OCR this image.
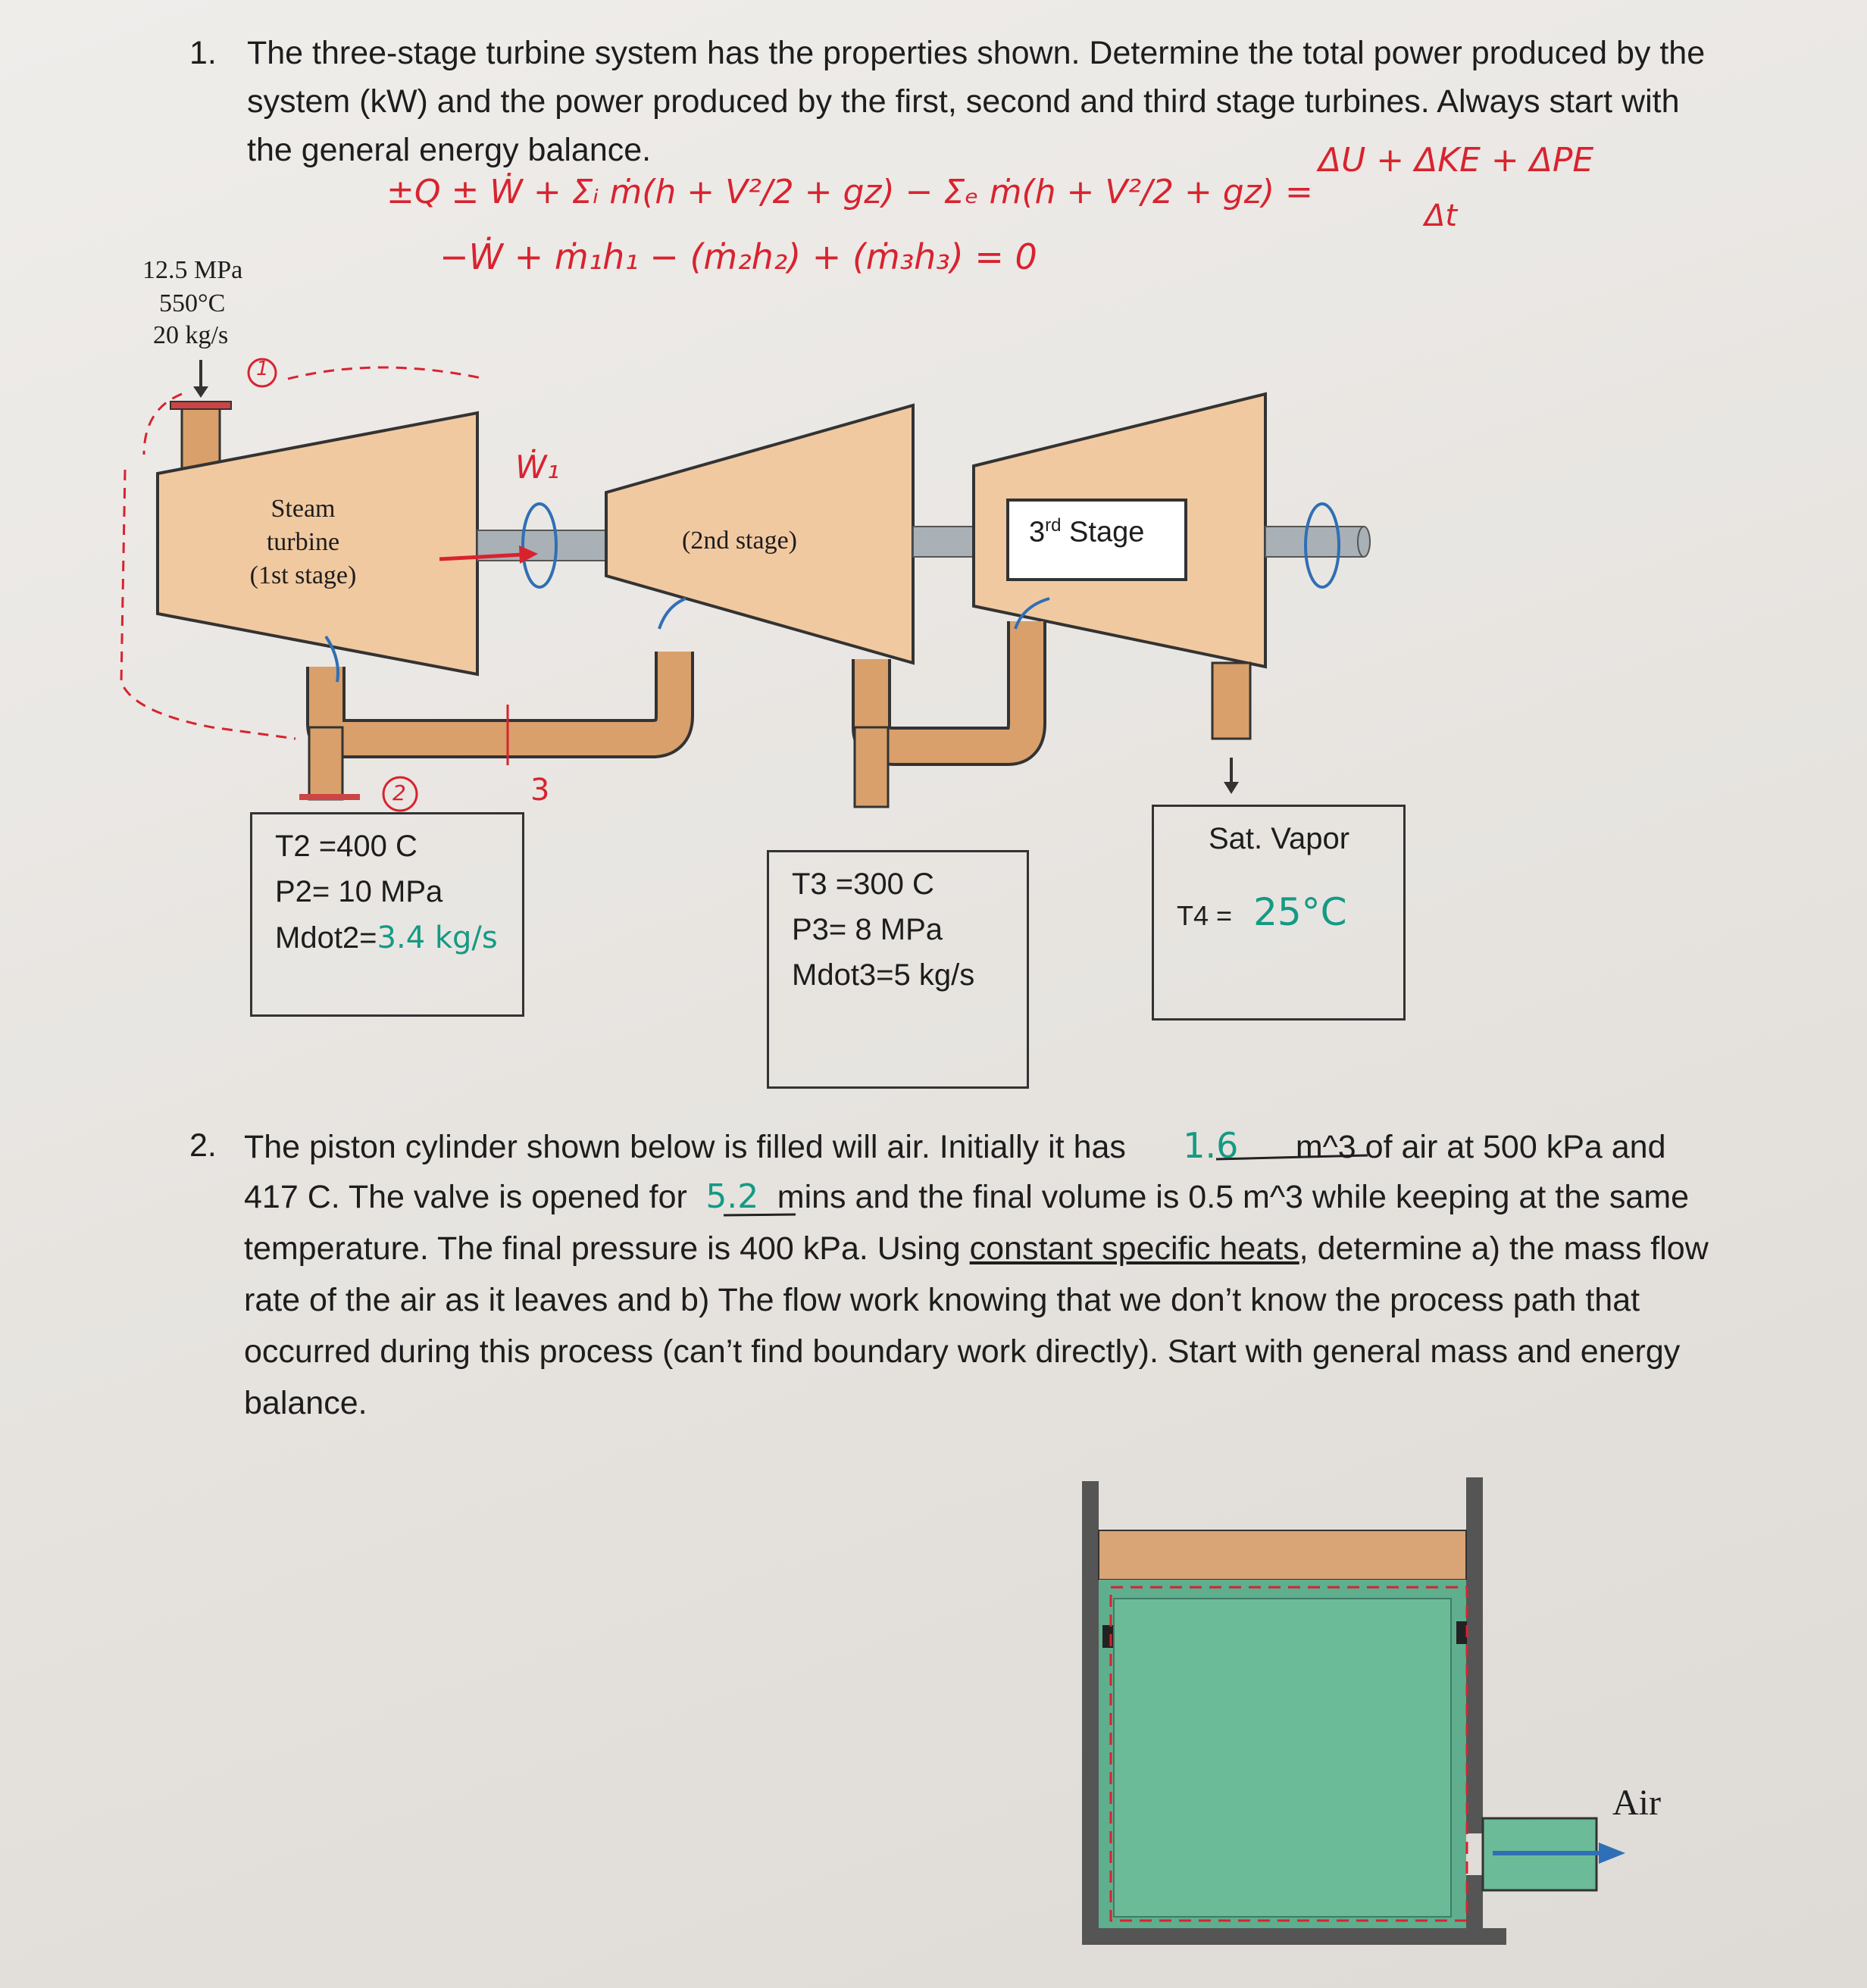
1. The three-stage turbine system has the properties shown. Determine the total power produced by the
system (kW) and the power produced by the first, second and third stage turbines. Always start with
the general energy balance.
±Q ± Ẇ + Σᵢ ṁ(h + V²/2 + gz) − Σₑ ṁ(h + V²/2 + gz) =
ΔU + ΔKE + ΔPE
Δt
−Ẇ + ṁ₁h₁ − (ṁ₂h₂) + (ṁ₃h₃) = 0
12.5 MPa
550°C
20 kg/s
Steam
turbine
(1st stage)
(2nd stage)	3rd Stage
Ẇ₁
1
2	3
T2 =400 C
P2= 10 MPa
Mdot2=3.4 kg/s
T3 =300 C
P3= 8 MPa
Mdot3=5 kg/s
Sat. Vapor
T4 = 25°C
2. The piston cylinder shown below is filled will air. Initially it has 1.6 m^3 of air at 500 kPa and
417 C. The valve is opened for 5.2 mins and the final volume is 0.5 m^3 while keeping at the same
temperature. The final pressure is 400 kPa. Using constant specific heats, determine a) the mass flow
rate of the air as it leaves and b) The flow work knowing that we don’t know the process path that
occurred during this process (can’t find boundary work directly). Start with general mass and energy
balance.
Air
